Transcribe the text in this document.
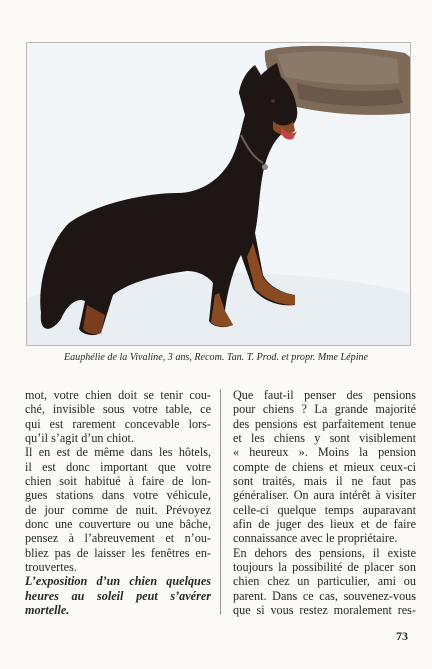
Eauphélie de la Vivaline, 3 ans, Recom. Tan. T. Prod. et propr. Mme Lépine

mot, votre chien doit se tenir cou-
ché, invisible sous votre table, ce
qui est rarement concevable lors-
qu’il s’agit d’un chiot.
Il en est de même dans les hôtels,
il est donc important que votre
chien soit habitué à faire de lon-
gues stations dans votre véhicule,
de jour comme de nuit. Prévoyez
donc une couverture ou une bâche,
pensez à l’abreuvement et n’ou-
bliez pas de laisser les fenêtres en-
trouvertes.

L’exposition d’un chien quelques
heures au soleil peut s’avérer
mortelle.

Que faut-il penser des pensions
pour chiens ? La grande majorité
des pensions est parfaitement tenue
et les chiens y sont visiblement
« heureux ». Moins la pension
compte de chiens et mieux ceux-ci
sont traités, mais il ne faut pas
généraliser. On aura intérêt à visiter
celle-ci quelque temps auparavant
afin de juger des lieux et de faire
connaissance avec le propriétaire.
En dehors des pensions, il existe
toujours la possibilité de placer son
chien chez un particulier, ami ou
parent. Dans ce cas, souvenez-vous
que si vous restez moralement res-

73
